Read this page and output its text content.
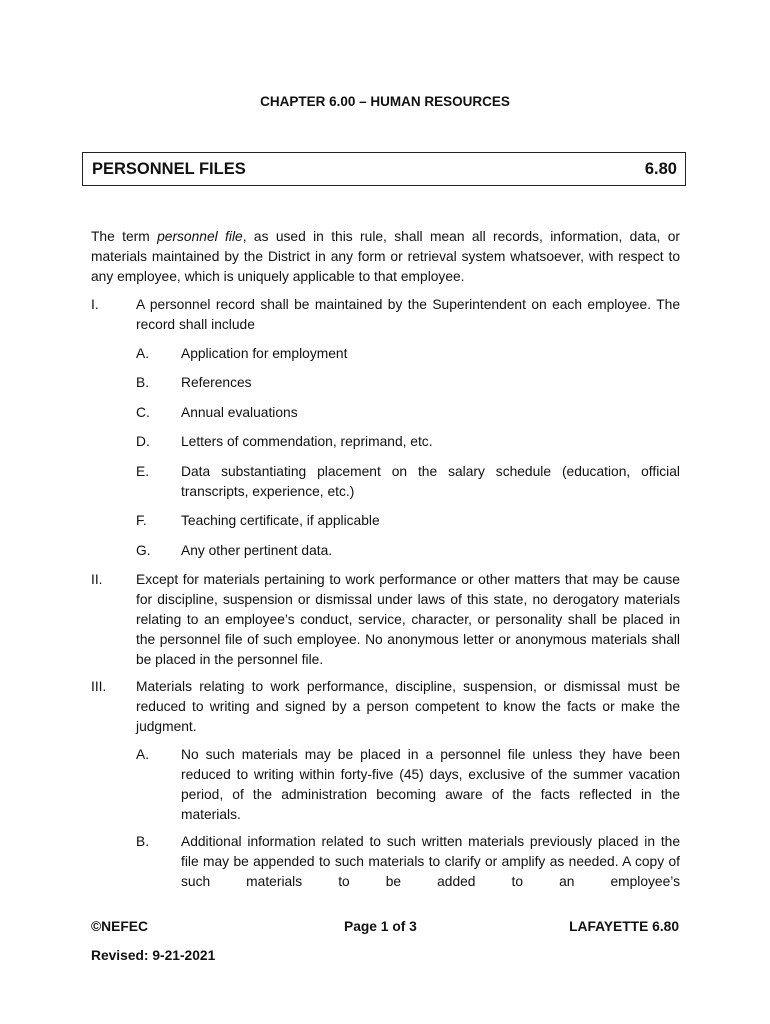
CHAPTER 6.00 – HUMAN RESOURCES
PERSONNEL FILES	6.80
The term personnel file, as used in this rule, shall mean all records, information, data, or materials maintained by the District in any form or retrieval system whatsoever, with respect to any employee, which is uniquely applicable to that employee.
I.	A personnel record shall be maintained by the Superintendent on each employee. The record shall include
A. Application for employment
B. References
C. Annual evaluations
D. Letters of commendation, reprimand, etc.
E. Data substantiating placement on the salary schedule (education, official transcripts, experience, etc.)
F. Teaching certificate, if applicable
G. Any other pertinent data.
II. Except for materials pertaining to work performance or other matters that may be cause for discipline, suspension or dismissal under laws of this state, no derogatory materials relating to an employee’s conduct, service, character, or personality shall be placed in the personnel file of such employee. No anonymous letter or anonymous materials shall be placed in the personnel file.
III. Materials relating to work performance, discipline, suspension, or dismissal must be reduced to writing and signed by a person competent to know the facts or make the judgment.
A. No such materials may be placed in a personnel file unless they have been reduced to writing within forty-five (45) days, exclusive of the summer vacation period, of the administration becoming aware of the facts reflected in the materials.
B. Additional information related to such written materials previously placed in the file may be appended to such materials to clarify or amplify as needed. A copy of such materials to be added to an employee’s
©NEFEC	Page 1 of 3	LAFAYETTE 6.80
Revised: 9-21-2021
